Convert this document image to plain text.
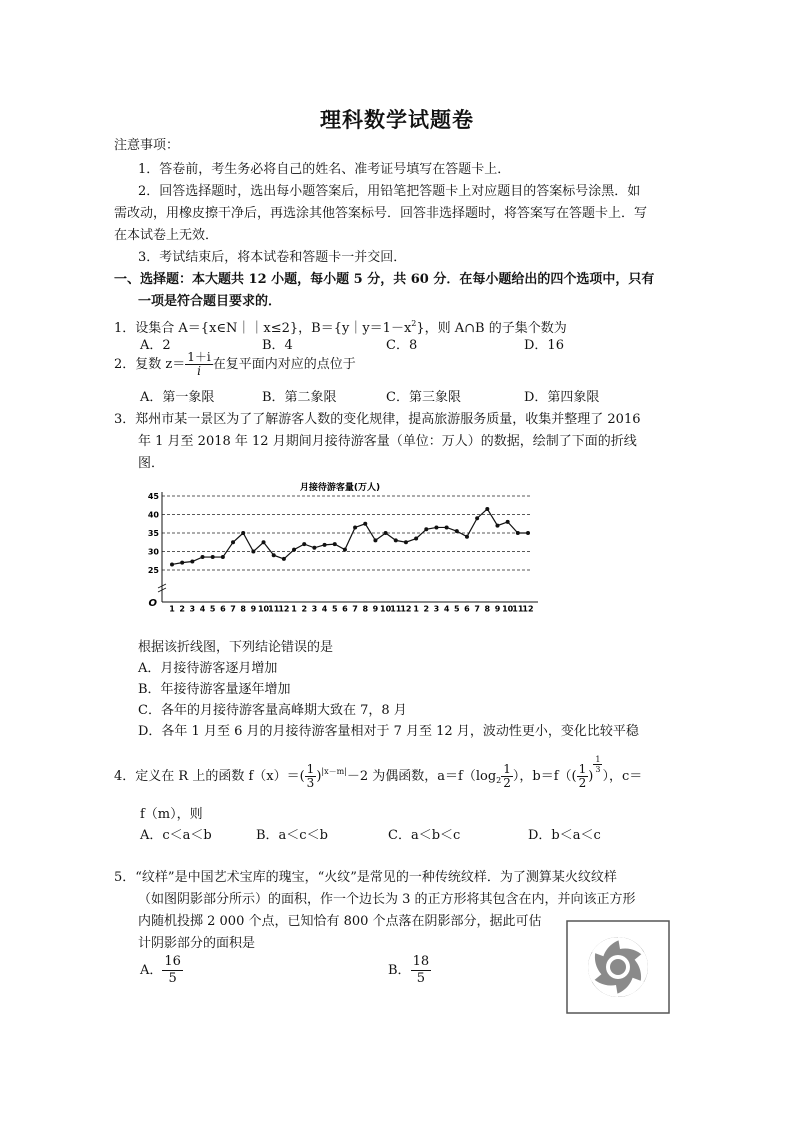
理科数学试题卷
注意事项：
1．答卷前，考生务必将自己的姓名、准考证号填写在答题卡上．
2．回答选择题时，选出每小题答案后，用铅笔把答题卡上对应题目的答案标号涂黑．如
需改动，用橡皮擦干净后，再选涂其他答案标号．回答非选择题时，将答案写在答题卡上．写
在本试卷上无效．
3．考试结束后，将本试卷和答题卡一并交回．
一、选择题：本大题共 12 小题，每小题 5 分，共 60 分．在每小题给出的四个选项中，只有
一项是符合题目要求的．
1．设集合 A＝{x∈N｜｜x≤2}，$B=\{y|y=1-x^2\}$，则 A∩B 的子集个数为
A．2	B．4	C．8	D．16
2．复数 $z= \frac{1+i}{i}$ 在复平面内对应的点位于
A．第一象限	B．第二象限	C．第三象限	D．第四象限
3．郑州市某一景区为了了解游客人数的变化规律，提高旅游服务质量，收集并整理了 2016
年 1 月至 2018 年 12 月期间月接待游客量（单位：万人）的数据，绘制了下面的折线
图．
月接待游客量(万人)
25
30
35
40
45
O
1 2 3 4 5 6 7 8 9 10 11 12 1 2 3 4 5 6 7 8 9 10 11 12 1 2 3 4 5 6 7 8 9 10 11 12
根据该折线图，下列结论错误的是
A．月接待游客逐月增加
B．年接待游客量逐年增加
C．各年的月接待游客量高峰期大致在 7，8 月
D．各年 1 月至 6 月的月接待游客量相对于 7 月至 12 月，波动性更小，变化比较平稳
4．定义在 R 上的函数 $f(x)=( \frac{1}{3} )^{|x-m|}-2$ 为偶函数，$a=f(\log_2 \frac{1}{2}$ ），$b=f(( \frac{1}{2}$ )
$\frac{1}{3}$
），c＝
f（m），则
A．c＜a＜b	B．a＜c＜b	C．a＜b＜c	D．b＜a＜c
5．“纹样”是中国艺术宝库的瑰宝，“火纹”是常见的一种传统纹样．为了测算某火纹纹样
（如图阴影部分所示）的面积，作一个边长为 3 的正方形将其包含在内，并向该正方形
内随机投掷 2 000 个点，已知恰有 800 个点落在阴影部分，据此可估
计阴影部分的面积是
A． $\frac{16}{5}$	B． $\frac{18}{5}$
